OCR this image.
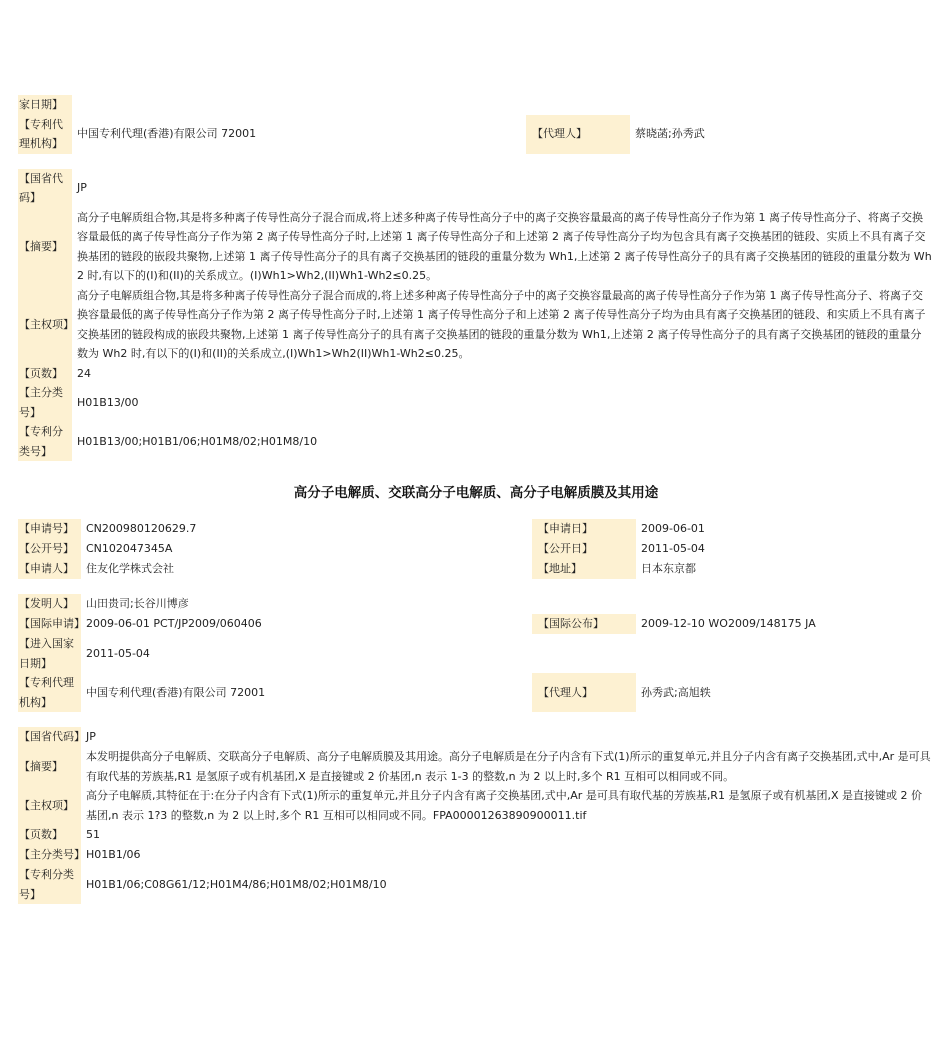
家日期】			
【专利代理机构】	中国专利代理(香港)有限公司 72001	【代理人】	蔡晓菡;孙秀武

【国省代码】	JP		
【摘要】	高分子电解质组合物,其是将多种离子传导性高分子混合而成,将上述多种离子传导性高分子中的离子交换容量最高的离子传导性高分子作为第 1 离子传导性高分子、将离子交换容量最低的离子传导性高分子作为第 2 离子传导性高分子时,上述第 1 离子传导性高分子和上述第 2 离子传导性高分子均为包含具有离子交换基团的链段、实质上不具有离子交换基团的链段的嵌段共聚物,上述第 1 离子传导性高分子的具有离子交换基团的链段的重量分数为 Wh1,上述第 2 离子传导性高分子的具有离子交换基团的链段的重量分数为 Wh2 时,有以下的(I)和(II)的关系成立。(I)Wh1>Wh2,(II)Wh1-Wh2≤0.25。		
【主权项】	高分子电解质组合物,其是将多种离子传导性高分子混合而成的,将上述多种离子传导性高分子中的离子交换容量最高的离子传导性高分子作为第 1 离子传导性高分子、将离子交换容量最低的离子传导性高分子作为第 2 离子传导性高分子时,上述第 1 离子传导性高分子和上述第 2 离子传导性高分子均为由具有离子交换基团的链段、和实质上不具有离子交换基团的链段构成的嵌段共聚物,上述第 1 离子传导性高分子的具有离子交换基团的链段的重量分数为 Wh1,上述第 2 离子传导性高分子的具有离子交换基团的链段的重量分数为 Wh2 时,有以下的(I)和(II)的关系成立,(I)Wh1>Wh2(II)Wh1-Wh2≤0.25。		
【页数】	24		
【主分类号】	H01B13/00		
【专利分类号】	H01B13/00;H01B1/06;H01M8/02;H01M8/10		
高分子电解质、交联高分子电解质、高分子电解质膜及其用途
【申请号】	CN200980120629.7	【申请日】	2009-06-01
【公开号】	CN102047345A	【公开日】	2011-05-04
【申请人】	住友化学株式会社	【地址】	日本东京都

【发明人】	山田贵司;长谷川博彦		
【国际申请】	2009-06-01 PCT/JP2009/060406	【国际公布】	2009-12-10 WO2009/148175 JA
【进入国家日期】	2011-05-04		
【专利代理机构】	中国专利代理(香港)有限公司 72001	【代理人】	孙秀武;高旭轶

【国省代码】	JP		
【摘要】	本发明提供高分子电解质、交联高分子电解质、高分子电解质膜及其用途。高分子电解质是在分子内含有下式(1)所示的重复单元,并且分子内含有离子交换基团,式中,Ar 是可具有取代基的芳族基,R1 是氢原子或有机基团,X 是直接键或 2 价基团,n 表示 1-3 的整数,n 为 2 以上时,多个 R1 互相可以相同或不同。		
【主权项】	高分子电解质,其特征在于:在分子内含有下式(1)所示的重复单元,并且分子内含有离子交换基团,式中,Ar 是可具有取代基的芳族基,R1 是氢原子或有机基团,X 是直接键或 2 价基团,n 表示 1?3 的整数,n 为 2 以上时,多个 R1 互相可以相同或不同。FPA00001263890900011.tif		
【页数】	51		
【主分类号】	H01B1/06		
【专利分类号】	H01B1/06;C08G61/12;H01M4/86;H01M8/02;H01M8/10		
